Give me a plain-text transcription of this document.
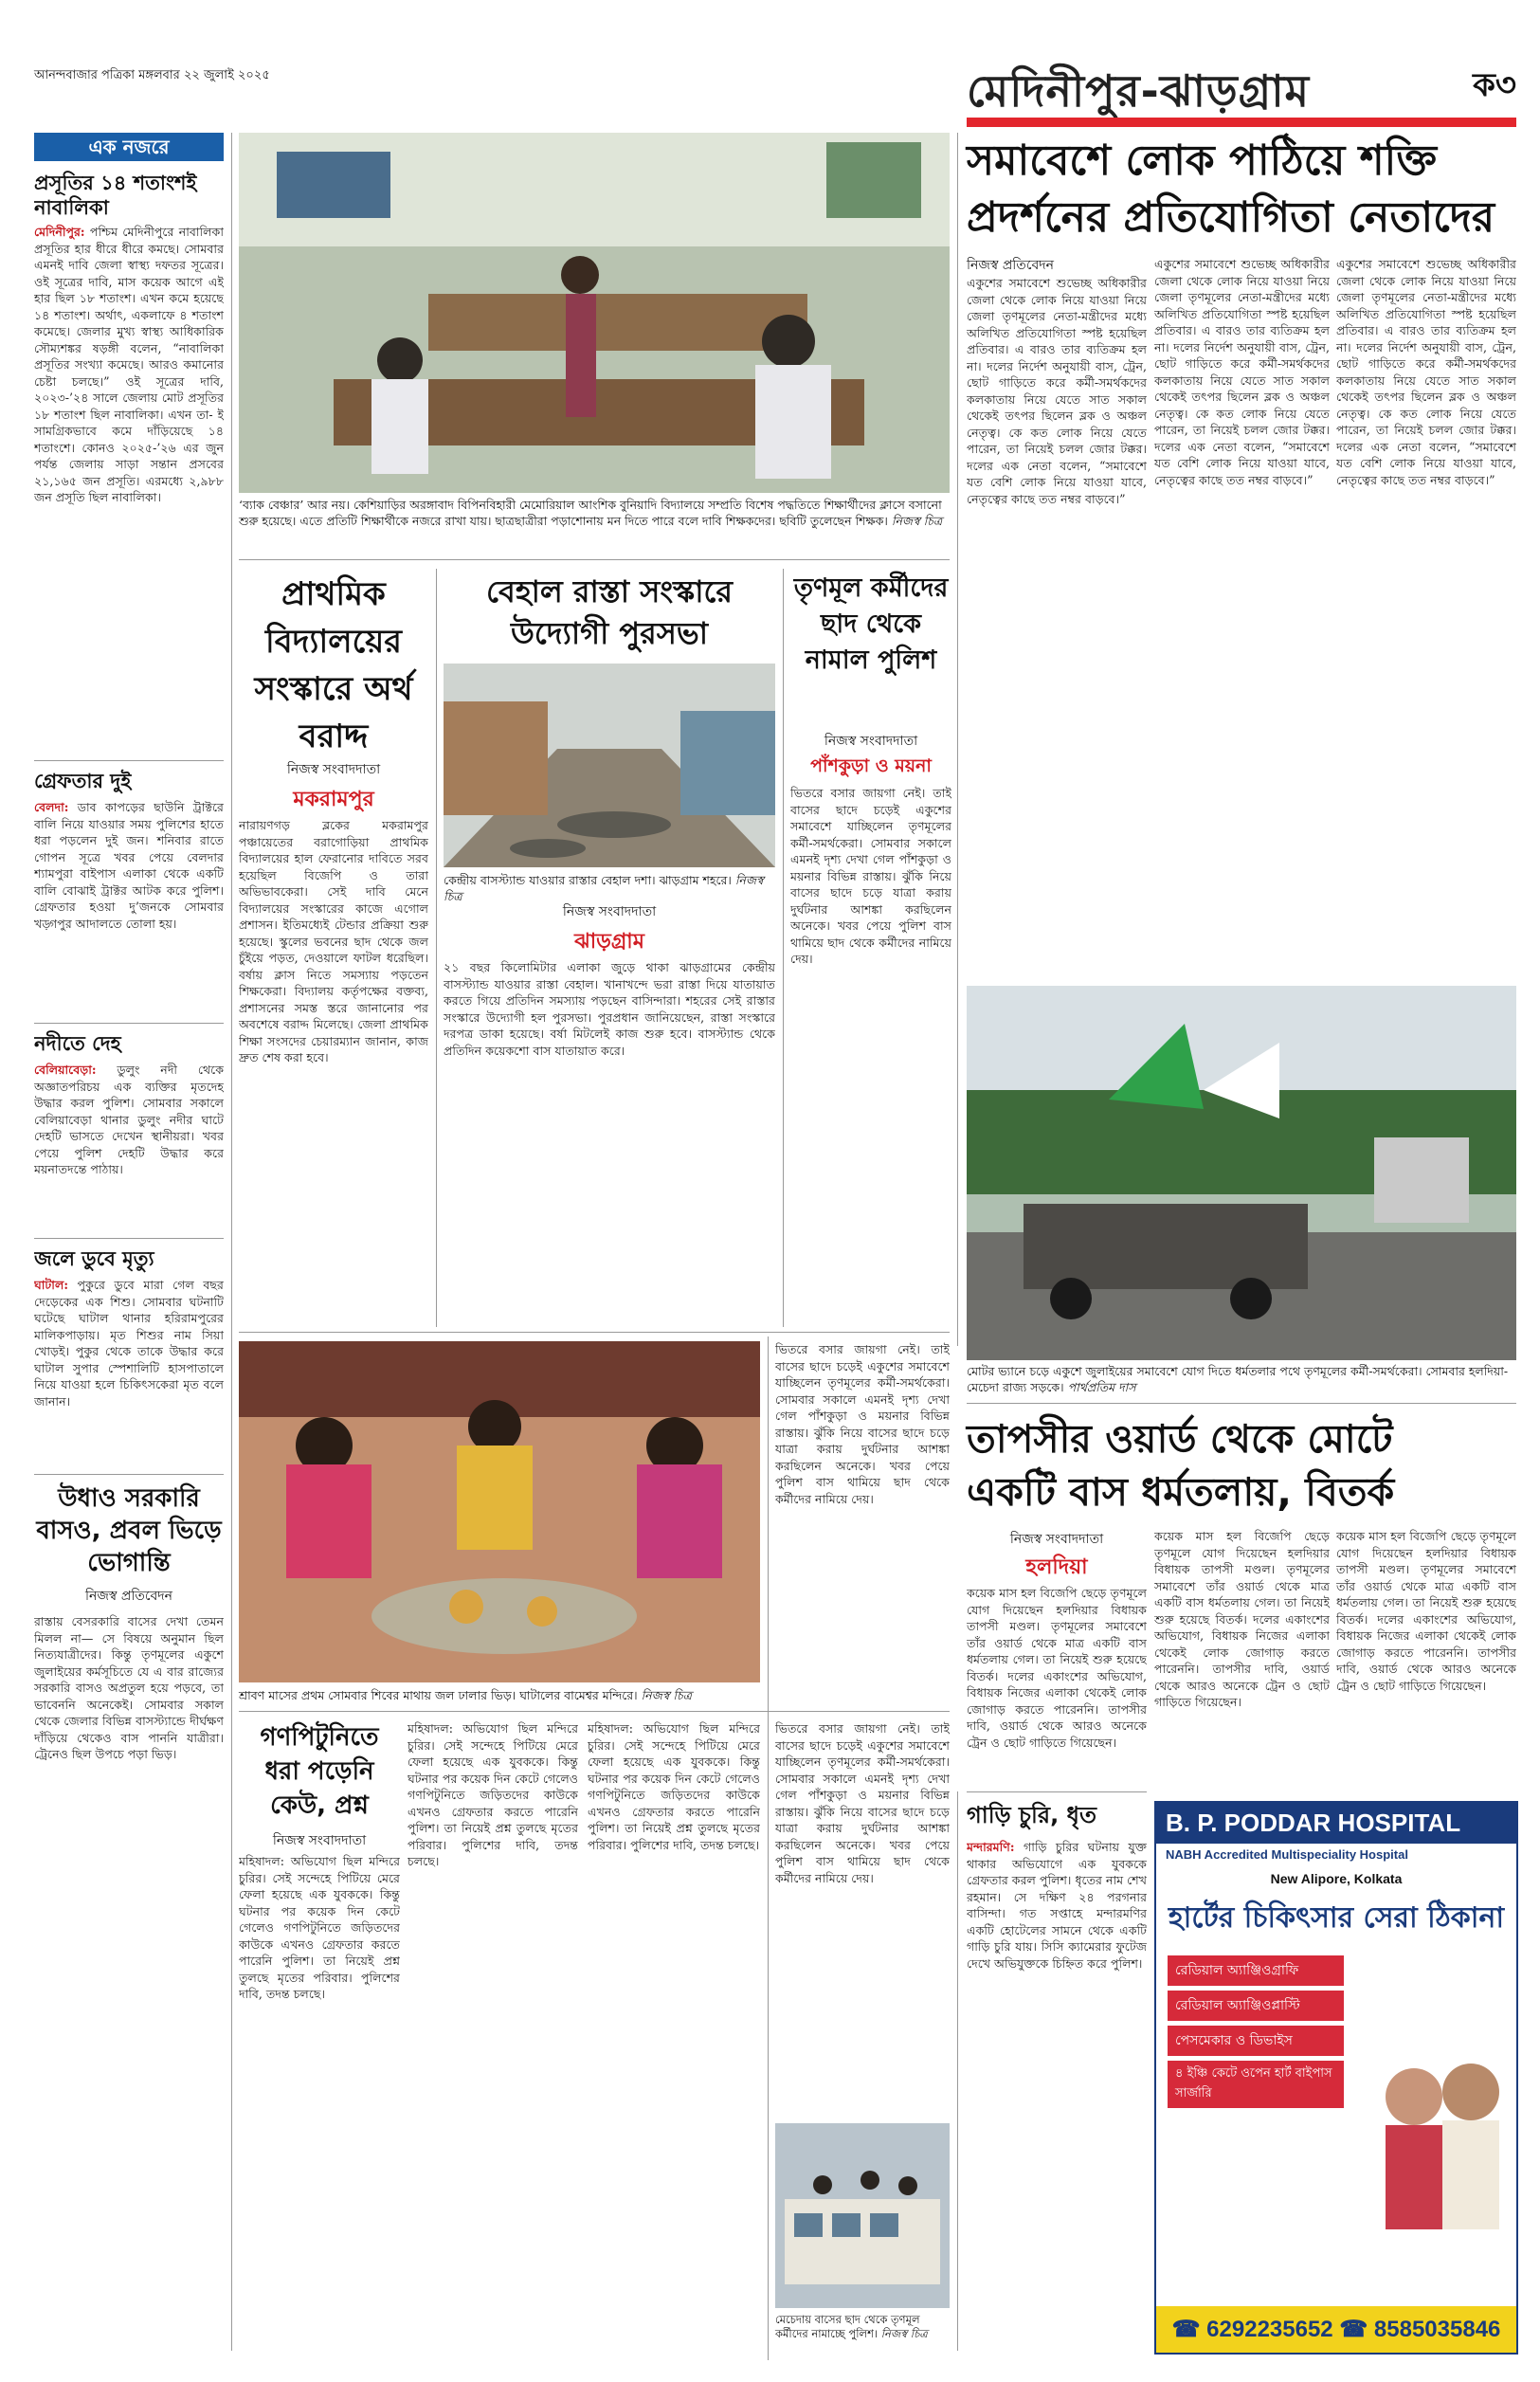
আনন্দবাজার পত্রিকা মঙ্গলবার ২২ জুলাই ২০২৫	মেদিনীপুর-ঝাড়গ্রাম	ক৩
এক নজরে
প্রসূতির ১৪ শতাংশই নাবালিকা
মেদিনীপুর: পশ্চিম মেদিনীপুরে নাবালিকা প্রসূতির হার ধীরে ধীরে কমছে। সোমবার এমনই দাবি জেলা স্বাস্থ্য দফতর সূত্রের। ওই সূত্রের দাবি, মাস কয়েক আগে এই হার ছিল ১৮ শতাংশ। এখন কমে হয়েছে ১৪ শতাংশ। অর্থাৎ, একলাফে ৪ শতাংশ কমেছে। জেলার মুখ্য স্বাস্থ্য আধিকারিক সৌম্যশঙ্কর ষড়ঙ্গী বলেন, “নাবালিকা প্রসূতির সংখ্যা কমেছে। আরও কমানোর চেষ্টা চলছে।” ওই সূত্রের দাবি, ২০২৩-’২৪ সালে জেলায় মোট প্রসূতির ১৮ শতাংশ ছিল নাবালিকা। এখন তা- ই সামগ্রিকভাবে কমে দাঁড়িয়েছে ১৪ শতাংশে। কোনও ২০২৫-’২৬ এর জুন পর্যন্ত জেলায় সাড়া সন্তান প্রসবের ২১,১৬৫ জন প্রসূতি। এরমধ্যে ২,৯৮৮ জন প্রসূতি ছিল নাবালিকা।
গ্রেফতার দুই
বেলদা: ডাব কাপড়ের ছাউনি ট্রাক্টরে বালি নিয়ে যাওয়ার সময় পুলিশের হাতে ধরা পড়লেন দুই জন। শনিবার রাতে গোপন সূত্রে খবর পেয়ে বেলদার শ্যামপুরা বাইপাস এলাকা থেকে একটি বালি বোঝাই ট্রাক্টর আটক করে পুলিশ। গ্রেফতার হওয়া দু’জনকে সোমবার খড়্গপুর আদালতে তোলা হয়।
নদীতে দেহ
বেলিয়াবেড়া: ডুলুং নদী থেকে অজ্ঞাতপরিচয় এক ব্যক্তির মৃতদেহ উদ্ধার করল পুলিশ। সোমবার সকালে বেলিয়াবেড়া থানার ডুলুং নদীর ঘাটে দেহটি ভাসতে দেখেন স্থানীয়রা। খবর পেয়ে পুলিশ দেহটি উদ্ধার করে ময়নাতদন্তে পাঠায়।
জলে ডুবে মৃত্যু
ঘাটাল: পুকুরে ডুবে মারা গেল বছর দেড়েকের এক শিশু। সোমবার ঘটনাটি ঘটেছে ঘাটাল থানার হরিরামপুরের মালিকপাড়ায়। মৃত শিশুর নাম সিয়া খোড়ই। পুকুর থেকে তাকে উদ্ধার করে ঘাটাল সুপার স্পেশালিটি হাসপাতালে নিয়ে যাওয়া হলে চিকিৎসকেরা মৃত বলে জানান।
উধাও সরকারি বাসও, প্রবল ভিড়ে ভোগান্তি
নিজস্ব প্রতিবেদন
রাস্তায় বেসরকারি বাসের দেখা তেমন মিলল না— সে বিষয়ে অনুমান ছিল নিত্যযাত্রীদের। কিন্তু তৃণমূলের একুশে জুলাইয়ের কর্মসূচিতে যে এ বার রাজ্যের সরকারি বাসও অপ্রতুল হয়ে পড়বে, তা ভাবেননি অনেকেই। সোমবার সকাল থেকে জেলার বিভিন্ন বাসস্ট্যান্ডে দীর্ঘক্ষণ দাঁড়িয়ে থেকেও বাস পাননি যাত্রীরা। ট্রেনেও ছিল উপচে পড়া ভিড়।
‘ব্যাক বেঞ্চার’ আর নয়। কেশিয়াড়ির অরঙ্গাবাদ বিপিনবিহারী মেমোরিয়াল আংশিক বুনিয়াদি বিদ্যালয়ে সম্প্রতি বিশেষ পদ্ধতিতে শিক্ষার্থীদের ক্লাসে বসানো শুরু হয়েছে। এতে প্রতিটি শিক্ষার্থীকে নজরে রাখা যায়। ছাত্রছাত্রীরা পড়াশোনায় মন দিতে পারে বলে দাবি শিক্ষকদের। ছবিটি তুলেছেন শিক্ষক। নিজস্ব চিত্র
প্রাথমিক বিদ্যালয়ের সংস্কারে অর্থ বরাদ্দ
নিজস্ব সংবাদদাতা
মকরামপুর
নারায়ণগড় ব্লকের মকরামপুর পঞ্চায়েতের বরাগোড়িয়া প্রাথমিক বিদ্যালয়ের হাল ফেরানোর দাবিতে সরব হয়েছিল বিজেপি ও তারা অভিভাবকেরা। সেই দাবি মেনে বিদ্যালয়ের সংস্কারের কাজে এগোল প্রশাসন। ইতিমধ্যেই টেন্ডার প্রক্রিয়া শুরু হয়েছে। স্কুলের ভবনের ছাদ থেকে জল চুঁইয়ে পড়ত, দেওয়ালে ফাটল ধরেছিল। বর্ষায় ক্লাস নিতে সমস্যায় পড়তেন শিক্ষকেরা। বিদ্যালয় কর্তৃপক্ষের বক্তব্য, প্রশাসনের সমস্ত স্তরে জানানোর পর অবশেষে বরাদ্দ মিলেছে। জেলা প্রাথমিক শিক্ষা সংসদের চেয়ারম্যান জানান, কাজ দ্রুত শেষ করা হবে।
বেহাল রাস্তা সংস্কারে উদ্যোগী পুরসভা
কেন্দ্রীয় বাসস্ট্যান্ড যাওয়ার রাস্তার বেহাল দশা। ঝাড়গ্রাম শহরে। নিজস্ব চিত্র
নিজস্ব সংবাদদাতা
ঝাড়গ্রাম
২১ বছর কিলোমিটার এলাকা জুড়ে থাকা ঝাড়গ্রামের কেন্দ্রীয় বাসস্ট্যান্ড যাওয়ার রাস্তা বেহাল। খানাখন্দে ভরা রাস্তা দিয়ে যাতায়াত করতে গিয়ে প্রতিদিন সমস্যায় পড়ছেন বাসিন্দারা। শহরের সেই রাস্তার সংস্কারে উদ্যোগী হল পুরসভা। পুরপ্রধান জানিয়েছেন, রাস্তা সংস্কারে দরপত্র ডাকা হয়েছে। বর্ষা মিটলেই কাজ শুরু হবে। বাসস্ট্যান্ড থেকে প্রতিদিন কয়েকশো বাস যাতায়াত করে।
তৃণমূল কর্মীদের ছাদ থেকে নামাল পুলিশ
নিজস্ব সংবাদদাতা
পাঁশকুড়া ও ময়না
ভিতরে বসার জায়গা নেই। তাই বাসের ছাদে চড়েই একুশের সমাবেশে যাচ্ছিলেন তৃণমূলের কর্মী-সমর্থকেরা। সোমবার সকালে এমনই দৃশ্য দেখা গেল পাঁশকুড়া ও ময়নার বিভিন্ন রাস্তায়। ঝুঁকি নিয়ে বাসের ছাদে চড়ে যাত্রা করায় দুর্ঘটনার আশঙ্কা করছিলেন অনেকে। খবর পেয়ে পুলিশ বাস থামিয়ে ছাদ থেকে কর্মীদের নামিয়ে দেয়।
সমাবেশে লোক পাঠিয়ে শক্তি
প্রদর্শনের প্রতিযোগিতা নেতাদের
নিজস্ব প্রতিবেদন
একুশের সমাবেশে শুভেচ্ছ অধিকারীর জেলা থেকে লোক নিয়ে যাওয়া নিয়ে জেলা তৃণমূলের নেতা-মন্ত্রীদের মধ্যে অলিখিত প্রতিযোগিতা স্পষ্ট হয়েছিল প্রতিবার। এ বারও তার ব্যতিক্রম হল না। দলের নির্দেশ অনুযায়ী বাস, ট্রেন, ছোট গাড়িতে করে কর্মী-সমর্থকদের কলকাতায় নিয়ে যেতে সাত সকাল থেকেই তৎপর ছিলেন ব্লক ও অঞ্চল নেতৃত্ব। কে কত লোক নিয়ে যেতে পারেন, তা নিয়েই চলল জোর টক্কর। দলের এক নেতা বলেন, “সমাবেশে যত বেশি লোক নিয়ে যাওয়া যাবে, নেতৃত্বের কাছে তত নম্বর বাড়বে।”
একুশের সমাবেশে শুভেচ্ছ অধিকারীর জেলা থেকে লোক নিয়ে যাওয়া নিয়ে জেলা তৃণমূলের নেতা-মন্ত্রীদের মধ্যে অলিখিত প্রতিযোগিতা স্পষ্ট হয়েছিল প্রতিবার। এ বারও তার ব্যতিক্রম হল না। দলের নির্দেশ অনুযায়ী বাস, ট্রেন, ছোট গাড়িতে করে কর্মী-সমর্থকদের কলকাতায় নিয়ে যেতে সাত সকাল থেকেই তৎপর ছিলেন ব্লক ও অঞ্চল নেতৃত্ব। কে কত লোক নিয়ে যেতে পারেন, তা নিয়েই চলল জোর টক্কর। দলের এক নেতা বলেন, “সমাবেশে যত বেশি লোক নিয়ে যাওয়া যাবে, নেতৃত্বের কাছে তত নম্বর বাড়বে।”
একুশের সমাবেশে শুভেচ্ছ অধিকারীর জেলা থেকে লোক নিয়ে যাওয়া নিয়ে জেলা তৃণমূলের নেতা-মন্ত্রীদের মধ্যে অলিখিত প্রতিযোগিতা স্পষ্ট হয়েছিল প্রতিবার। এ বারও তার ব্যতিক্রম হল না। দলের নির্দেশ অনুযায়ী বাস, ট্রেন, ছোট গাড়িতে করে কর্মী-সমর্থকদের কলকাতায় নিয়ে যেতে সাত সকাল থেকেই তৎপর ছিলেন ব্লক ও অঞ্চল নেতৃত্ব। কে কত লোক নিয়ে যেতে পারেন, তা নিয়েই চলল জোর টক্কর। দলের এক নেতা বলেন, “সমাবেশে যত বেশি লোক নিয়ে যাওয়া যাবে, নেতৃত্বের কাছে তত নম্বর বাড়বে।”
মোটর ভ্যানে চড়ে একুশে জুলাইয়ের সমাবেশে যোগ দিতে ধর্মতলার পথে তৃণমূলের কর্মী-সমর্থকেরা। সোমবার হলদিয়া-মেচেদা রাজ্য সড়কে। পার্থপ্রতিম দাস
তাপসীর ওয়ার্ড থেকে মোটে
একটি বাস ধর্মতলায়, বিতর্ক
নিজস্ব সংবাদদাতা
হলদিয়া
কয়েক মাস হল বিজেপি ছেড়ে তৃণমূলে যোগ দিয়েছেন হলদিয়ার বিধায়ক তাপসী মণ্ডল। তৃণমূলের সমাবেশে তাঁর ওয়ার্ড থেকে মাত্র একটি বাস ধর্মতলায় গেল। তা নিয়েই শুরু হয়েছে বিতর্ক। দলের একাংশের অভিযোগ, বিধায়ক নিজের এলাকা থেকেই লোক জোগাড় করতে পারেননি। তাপসীর দাবি, ওয়ার্ড থেকে আরও অনেকে ট্রেন ও ছোট গাড়িতে গিয়েছেন।
কয়েক মাস হল বিজেপি ছেড়ে তৃণমূলে যোগ দিয়েছেন হলদিয়ার বিধায়ক তাপসী মণ্ডল। তৃণমূলের সমাবেশে তাঁর ওয়ার্ড থেকে মাত্র একটি বাস ধর্মতলায় গেল। তা নিয়েই শুরু হয়েছে বিতর্ক। দলের একাংশের অভিযোগ, বিধায়ক নিজের এলাকা থেকেই লোক জোগাড় করতে পারেননি। তাপসীর দাবি, ওয়ার্ড থেকে আরও অনেকে ট্রেন ও ছোট গাড়িতে গিয়েছেন।
কয়েক মাস হল বিজেপি ছেড়ে তৃণমূলে যোগ দিয়েছেন হলদিয়ার বিধায়ক তাপসী মণ্ডল। তৃণমূলের সমাবেশে তাঁর ওয়ার্ড থেকে মাত্র একটি বাস ধর্মতলায় গেল। তা নিয়েই শুরু হয়েছে বিতর্ক। দলের একাংশের অভিযোগ, বিধায়ক নিজের এলাকা থেকেই লোক জোগাড় করতে পারেননি। তাপসীর দাবি, ওয়ার্ড থেকে আরও অনেকে ট্রেন ও ছোট গাড়িতে গিয়েছেন।
শ্রাবণ মাসের প্রথম সোমবার শিবের মাথায় জল ঢালার ভিড়। ঘাটালের বামেশ্বর মন্দিরে। নিজস্ব চিত্র
ভিতরে বসার জায়গা নেই। তাই বাসের ছাদে চড়েই একুশের সমাবেশে যাচ্ছিলেন তৃণমূলের কর্মী-সমর্থকেরা। সোমবার সকালে এমনই দৃশ্য দেখা গেল পাঁশকুড়া ও ময়নার বিভিন্ন রাস্তায়। ঝুঁকি নিয়ে বাসের ছাদে চড়ে যাত্রা করায় দুর্ঘটনার আশঙ্কা করছিলেন অনেকে। খবর পেয়ে পুলিশ বাস থামিয়ে ছাদ থেকে কর্মীদের নামিয়ে দেয়।
গণপিটুনিতে ধরা পড়েনি কেউ, প্রশ্ন
নিজস্ব সংবাদদাতা
মহিষাদল: অভিযোগ ছিল মন্দিরে চুরির। সেই সন্দেহে পিটিয়ে মেরে ফেলা হয়েছে এক যুবককে। কিন্তু ঘটনার পর কয়েক দিন কেটে গেলেও গণপিটুনিতে জড়িতদের কাউকে এখনও গ্রেফতার করতে পারেনি পুলিশ। তা নিয়েই প্রশ্ন তুলছে মৃতের পরিবার। পুলিশের দাবি, তদন্ত চলছে।
মহিষাদল: অভিযোগ ছিল মন্দিরে চুরির। সেই সন্দেহে পিটিয়ে মেরে ফেলা হয়েছে এক যুবককে। কিন্তু ঘটনার পর কয়েক দিন কেটে গেলেও গণপিটুনিতে জড়িতদের কাউকে এখনও গ্রেফতার করতে পারেনি পুলিশ। তা নিয়েই প্রশ্ন তুলছে মৃতের পরিবার। পুলিশের দাবি, তদন্ত চলছে।
মহিষাদল: অভিযোগ ছিল মন্দিরে চুরির। সেই সন্দেহে পিটিয়ে মেরে ফেলা হয়েছে এক যুবককে। কিন্তু ঘটনার পর কয়েক দিন কেটে গেলেও গণপিটুনিতে জড়িতদের কাউকে এখনও গ্রেফতার করতে পারেনি পুলিশ। তা নিয়েই প্রশ্ন তুলছে মৃতের পরিবার। পুলিশের দাবি, তদন্ত চলছে।
মেচেদায় বাসের ছাদ থেকে তৃণমূল কর্মীদের নামাচ্ছে পুলিশ। নিজস্ব চিত্র
ভিতরে বসার জায়গা নেই। তাই বাসের ছাদে চড়েই একুশের সমাবেশে যাচ্ছিলেন তৃণমূলের কর্মী-সমর্থকেরা। সোমবার সকালে এমনই দৃশ্য দেখা গেল পাঁশকুড়া ও ময়নার বিভিন্ন রাস্তায়। ঝুঁকি নিয়ে বাসের ছাদে চড়ে যাত্রা করায় দুর্ঘটনার আশঙ্কা করছিলেন অনেকে। খবর পেয়ে পুলিশ বাস থামিয়ে ছাদ থেকে কর্মীদের নামিয়ে দেয়।
গাড়ি চুরি, ধৃত
মন্দারমণি: গাড়ি চুরির ঘটনায় যুক্ত থাকার অভিযোগে এক যুবককে গ্রেফতার করল পুলিশ। ধৃতের নাম শেখ রহমান। সে দক্ষিণ ২৪ পরগনার বাসিন্দা। গত সপ্তাহে মন্দারমণির একটি হোটেলের সামনে থেকে একটি গাড়ি চুরি যায়। সিসি ক্যামেরার ফুটেজ দেখে অভিযুক্তকে চিহ্নিত করে পুলিশ।
B. P. PODDAR HOSPITAL
NABH Accredited Multispeciality Hospital
New Alipore, Kolkata
হার্টের চিকিৎসার সেরা ঠিকানা
রেডিয়াল অ্যাঞ্জিওগ্রাফি
রেডিয়াল অ্যাঞ্জিওপ্লাস্টি
পেসমেকার ও ডিভাইস
৪ ইঞ্চি কেটে ওপেন হার্ট বাইপাস সার্জারি
☎ 6292235652 ☎ 8585035846
